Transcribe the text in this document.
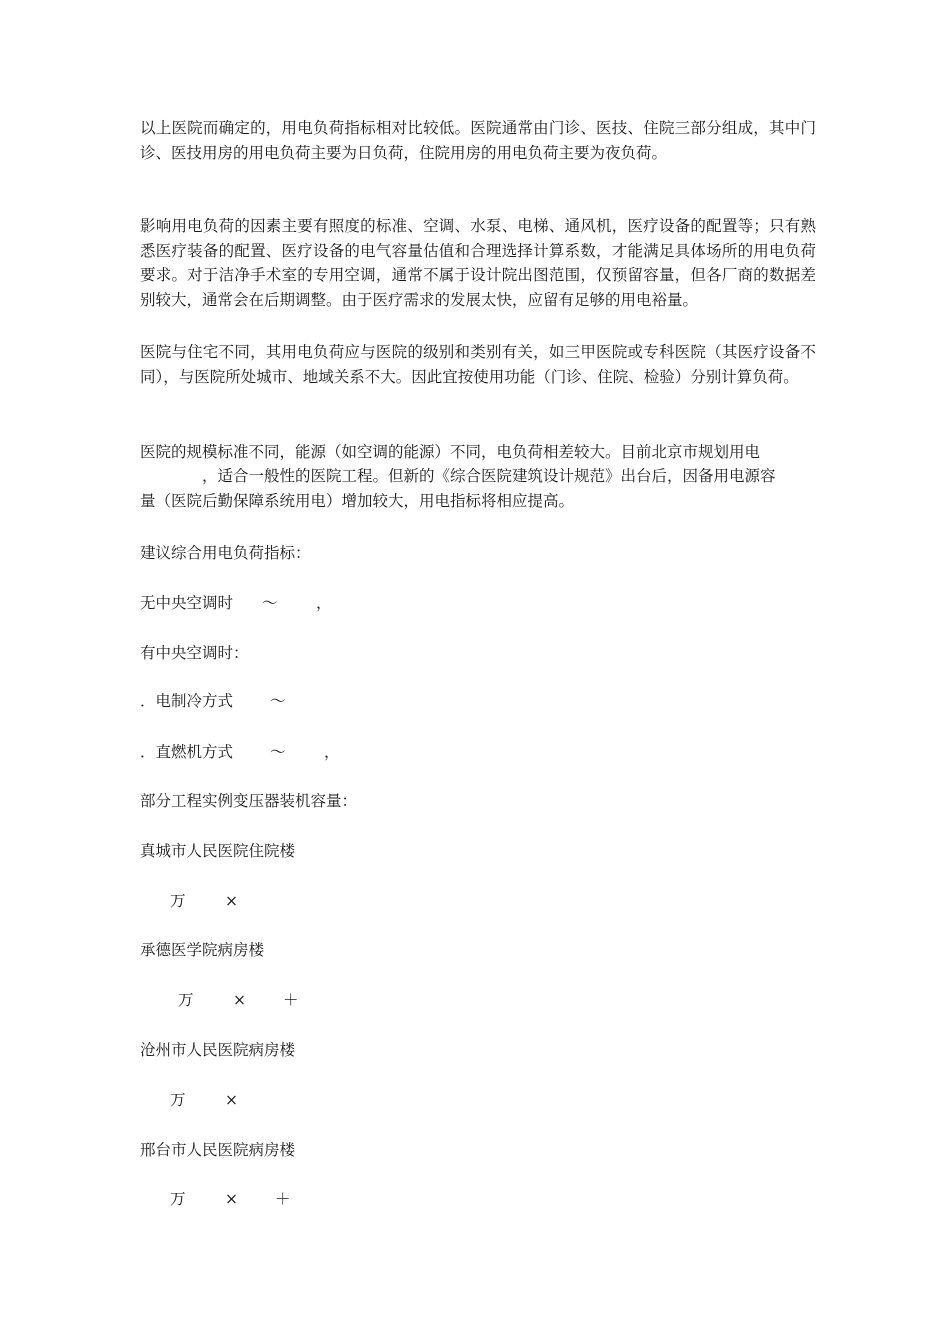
以上医院而确定的，用电负荷指标相对比较低。医院通常由门诊、医技、住院三部分组成，其中门诊、医技用房的用电负荷主要为日负荷，住院用房的用电负荷主要为夜负荷。

影响用电负荷的因素主要有照度的标准、空调、水泵、电梯、通风机，医疗设备的配置等；只有熟悉医疗装备的配置、医疗设备的电气容量估值和合理选择计算系数，才能满足具体场所的用电负荷要求。对于洁净手术室的专用空调，通常不属于设计院出图范围，仅预留容量，但各厂商的数据差别较大，通常会在后期调整。由于医疗需求的发展太快，应留有足够的用电裕量。

医院与住宅不同，其用电负荷应与医院的级别和类别有关，如三甲医院或专科医院（其医疗设备不同），与医院所处城市、地域关系不大。因此宜按使用功能（门诊、住院、检验）分别计算负荷。

医院的规模标准不同，能源（如空调的能源）不同，电负荷相差较大。目前北京市规划用电

，适合一般性的医院工程。但新的《综合医院建筑设计规范》出台后，因备用电源容

量（医院后勤保障系统用电）增加较大，用电指标将相应提高。

建议综合用电负荷指标：

无中央空调时 ～ ，

有中央空调时：

．电制冷方式 ～

．直燃机方式 ～ ，

部分工程实例变压器装机容量：

真城市人民医院住院楼

万	×

承德医学院病房楼

万	× ＋

沧州市人民医院病房楼

万	×

邢台市人民医院病房楼

万	× ＋
